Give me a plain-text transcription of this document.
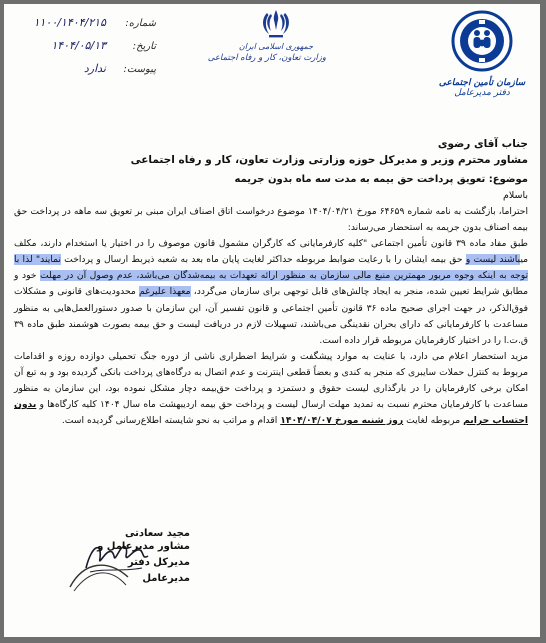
شماره:
۱۱۰۰/۱۴۰۴/۲۱۵
تاریخ:
۱۴۰۴/۰۵/۱۳
پیوست:
ندارد
جمهوری اسلامی ایران
وزارت تعاون، کار و رفاه اجتماعی
سازمان تأمین اجتماعی
دفتر مدیرعامل
جناب آقای رضوی
مشاور محترم وزیر و مدیرکل حوزه وزارتی وزارت تعاون، کار و رفاه اجتماعی
موضوع: تعویق پرداخت حق بیمه به مدت سه ماه بدون جریمه
باسلام
احتراما، بازگشت به نامه شماره ۶۴۶۵۹ مورخ ۱۴۰۴/۰۴/۲۱ موضوع درخواست اتاق اصناف ایران مبنی بر تعویق سه ماهه در پرداخت حق بیمه اصناف بدون جریمه به استحضار می‌رساند:
طبق مفاد ماده ۳۹ قانون تأمین اجتماعی "کلیه کارفرمایانی که کارگران مشمول قانون موصوف را در اختیار یا استخدام دارند، مکلف میباشند لیست و حق بیمه ایشان را با رعایت ضوابط مربوطه حداکثر لغایت پایان ماه بعد به شعبه ذیربط ارسال و پرداخت نمایند" لذا با توجه به اینکه وجوه مربور مهمترین منبع مالی سازمان به منظور ارائه تعهدات به بیمه‌شدگان می‌باشد، عدم وصول آن در مهلت خود و مطابق شرایط تعیین شده، منجر به ایجاد چالش‌های قابل توجهی برای سازمان می‌گردد، معهذا علیرغم محدودیت‌های قانونی و مشکلات فوق‌الذکر، در جهت اجرای صحیح ماده ۳۶ قانون تأمین اجتماعی و قانون تفسیر آن، این سازمان با صدور دستورالعمل‌هایی به منظور مساعدت با کارفرمایانی که دارای بحران نقدینگی می‌باشند، تسهیلات لازم در دریافت لیست و حق بیمه بصورت هوشمند طبق ماده ۳۹ ق.ت.ا را در اختیار کارفرمایان مربوطه قرار داده است.
مزید استحضار اعلام می دارد، با عنایت به موارد پیشگفت و شرایط اضطراری ناشی از دوره جنگ تحمیلی دوازده روزه و اقدامات مربوط به کنترل حملات سایبری که منجر به کندی و بعضاً قطعی اینترنت و عدم اتصال به درگاه‌های پرداخت بانکی گردیده بود و به تبع آن امکان برخی کارفرمایان را در بارگذاری لیست حقوق و دستمزد و پرداخت حق‌بیمه دچار مشکل نموده بود، این سازمان به منظور مساعدت با کارفرمایان محترم نسبت به تمدید مهلت ارسال لیست و پرداخت حق بیمه اردیبهشت ماه سال ۱۴۰۴ کلیه کارگاه‌ها و بدون احتساب جرایم مربوطه لغایت روز شنبه مورخ ۱۴۰۴/۰۴/۰۷ اقدام و مراتب به نحو شایسته اطلاع‌رسانی گردیده است.
مجید سعادتی
مشاور مدیرعامل و مدیرکل دفتر
مدیرعامل
